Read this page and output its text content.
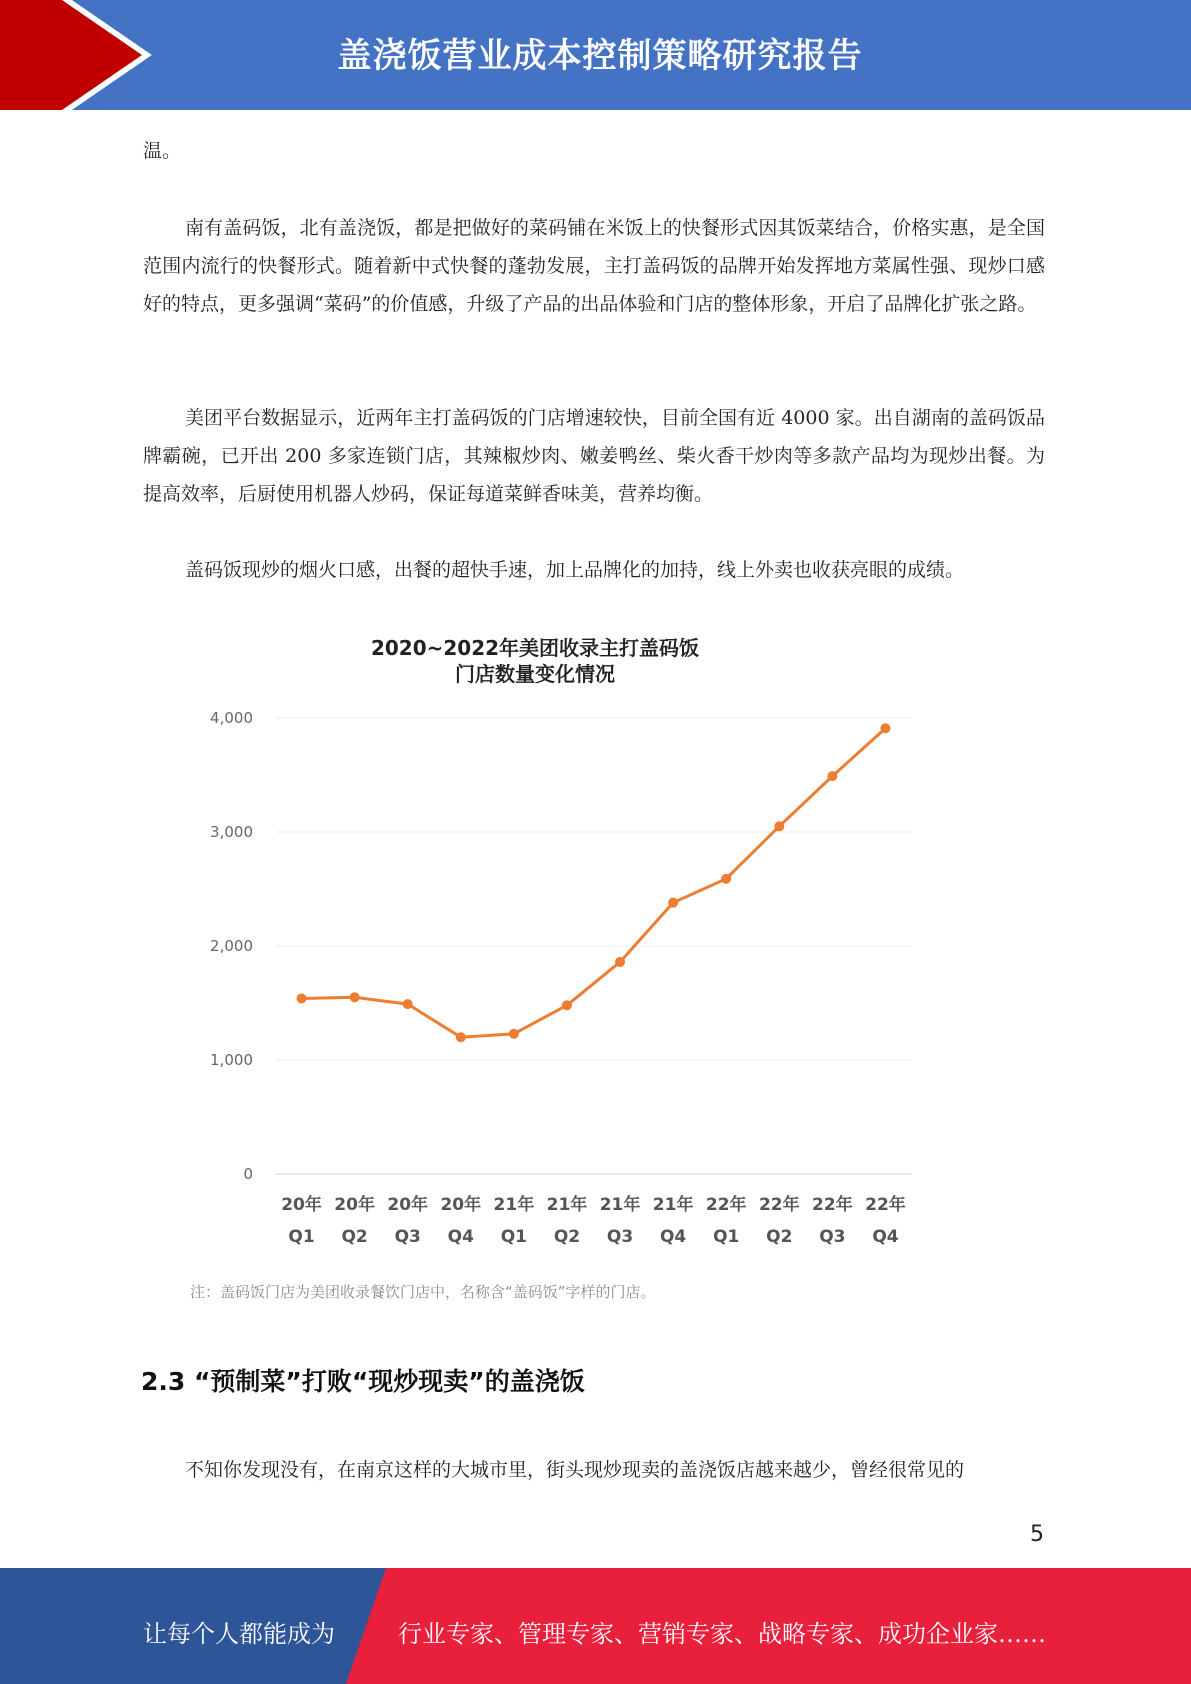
盖浇饭营业成本控制策略研究报告
温。
南有盖码饭，北有盖浇饭，都是把做好的菜码铺在米饭上的快餐形式因其饭菜结合，价格实惠，是全国范围内流行的快餐形式。随着新中式快餐的蓬勃发展，主打盖码饭的品牌开始发挥地方菜属性强、现炒口感好的特点，更多强调“菜码”的价值感，升级了产品的出品体验和门店的整体形象，开启了品牌化扩张之路。
美团平台数据显示，近两年主打盖码饭的门店增速较快，目前全国有近 4000 家。出自湖南的盖码饭品牌霸碗，已开出 200 多家连锁门店，其辣椒炒肉、嫩姜鸭丝、柴火香干炒肉等多款产品均为现炒出餐。为提高效率，后厨使用机器人炒码，保证每道菜鲜香味美，营养均衡。
盖码饭现炒的烟火口感，出餐的超快手速，加上品牌化的加持，线上外卖也收获亮眼的成绩。
2020~2022年美团收录主打盖码饭
门店数量变化情况
0
1,000
2,000
3,000
4,000
20年
Q1
20年
Q2
20年
Q3
20年
Q4
21年
Q1
21年
Q2
21年
Q3
21年
Q4
22年
Q1
22年
Q2
22年
Q3
22年
Q4
注：盖码饭门店为美团收录餐饮门店中，名称含“盖码饭”字样的门店。
2.3 “预制菜”打败“现炒现卖”的盖浇饭
不知你发现没有，在南京这样的大城市里，街头现炒现卖的盖浇饭店越来越少，曾经很常见的
5
让每个人都能成为	行业专家、管理专家、营销专家、战略专家、成功企业家……
